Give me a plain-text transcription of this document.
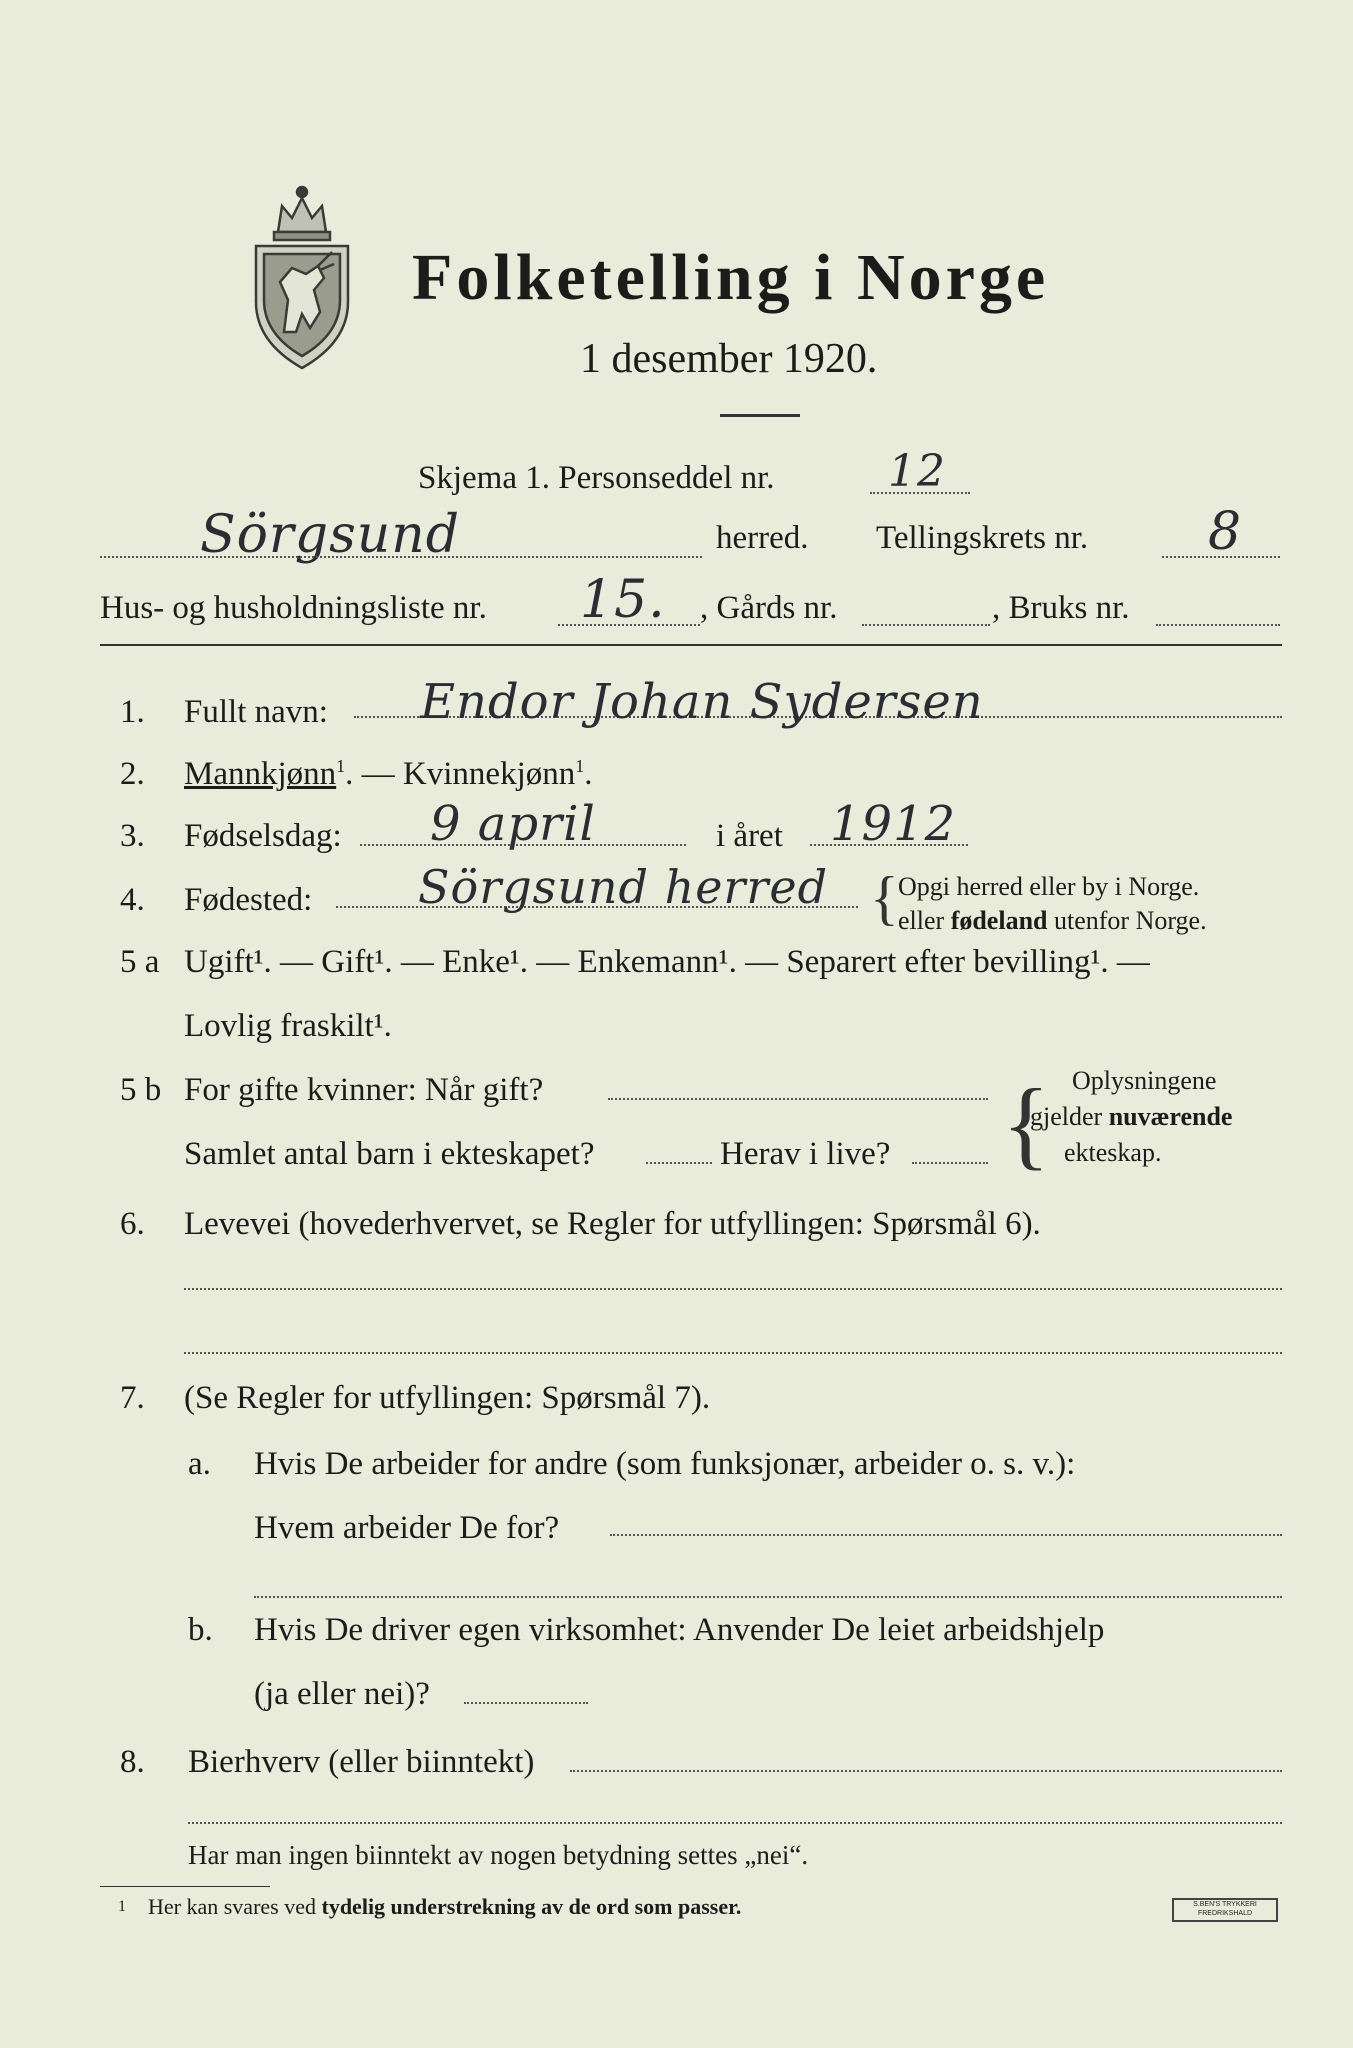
Folketelling i Norge
1 desember 1920.
Skjema 1. Personseddel nr.	12
Sörgsund	herred. Tellingskrets nr. 8
Hus- og husholdningsliste nr. 15. , Gårds nr.	, Bruks nr.
1. Fullt navn: Endor Johan Sydersen
2. Mannkjønn$^1$. — Kvinnekjønn$^1$.
3. Fødselsdag: 9 april	i året 1912
4. Fødested: Sörgsund herred { Opgi herred eller by i Norge.
eller fødeland utenfor Norge.
5 a Ugift¹. — Gift¹. — Enke¹. — Enkemann¹. — Separert efter bevilling¹. —
Lovlig fraskilt¹.
5 b For gifte kvinner: Når gift?
Samlet antal barn i ekteskapet?	Herav i live? { Oplysningene
gjelder nuværende
ekteskap.
6. Levevei (hovederhvervet, se Regler for utfyllingen: Spørsmål 6).
7. (Se Regler for utfyllingen: Spørsmål 7).
a. Hvis De arbeider for andre (som funksjonær, arbeider o. s. v.):
Hvem arbeider De for?
b. Hvis De driver egen virksomhet: Anvender De leiet arbeidshjelp
(ja eller nei)?
8. Bierhverv (eller biinntekt)
Har man ingen biinntekt av nogen betydning settes „nei“.
1 Her kan svares ved tydelig understrekning av de ord som passer.	S.BEN'S TRYKKERI FREDRIKSHALD
